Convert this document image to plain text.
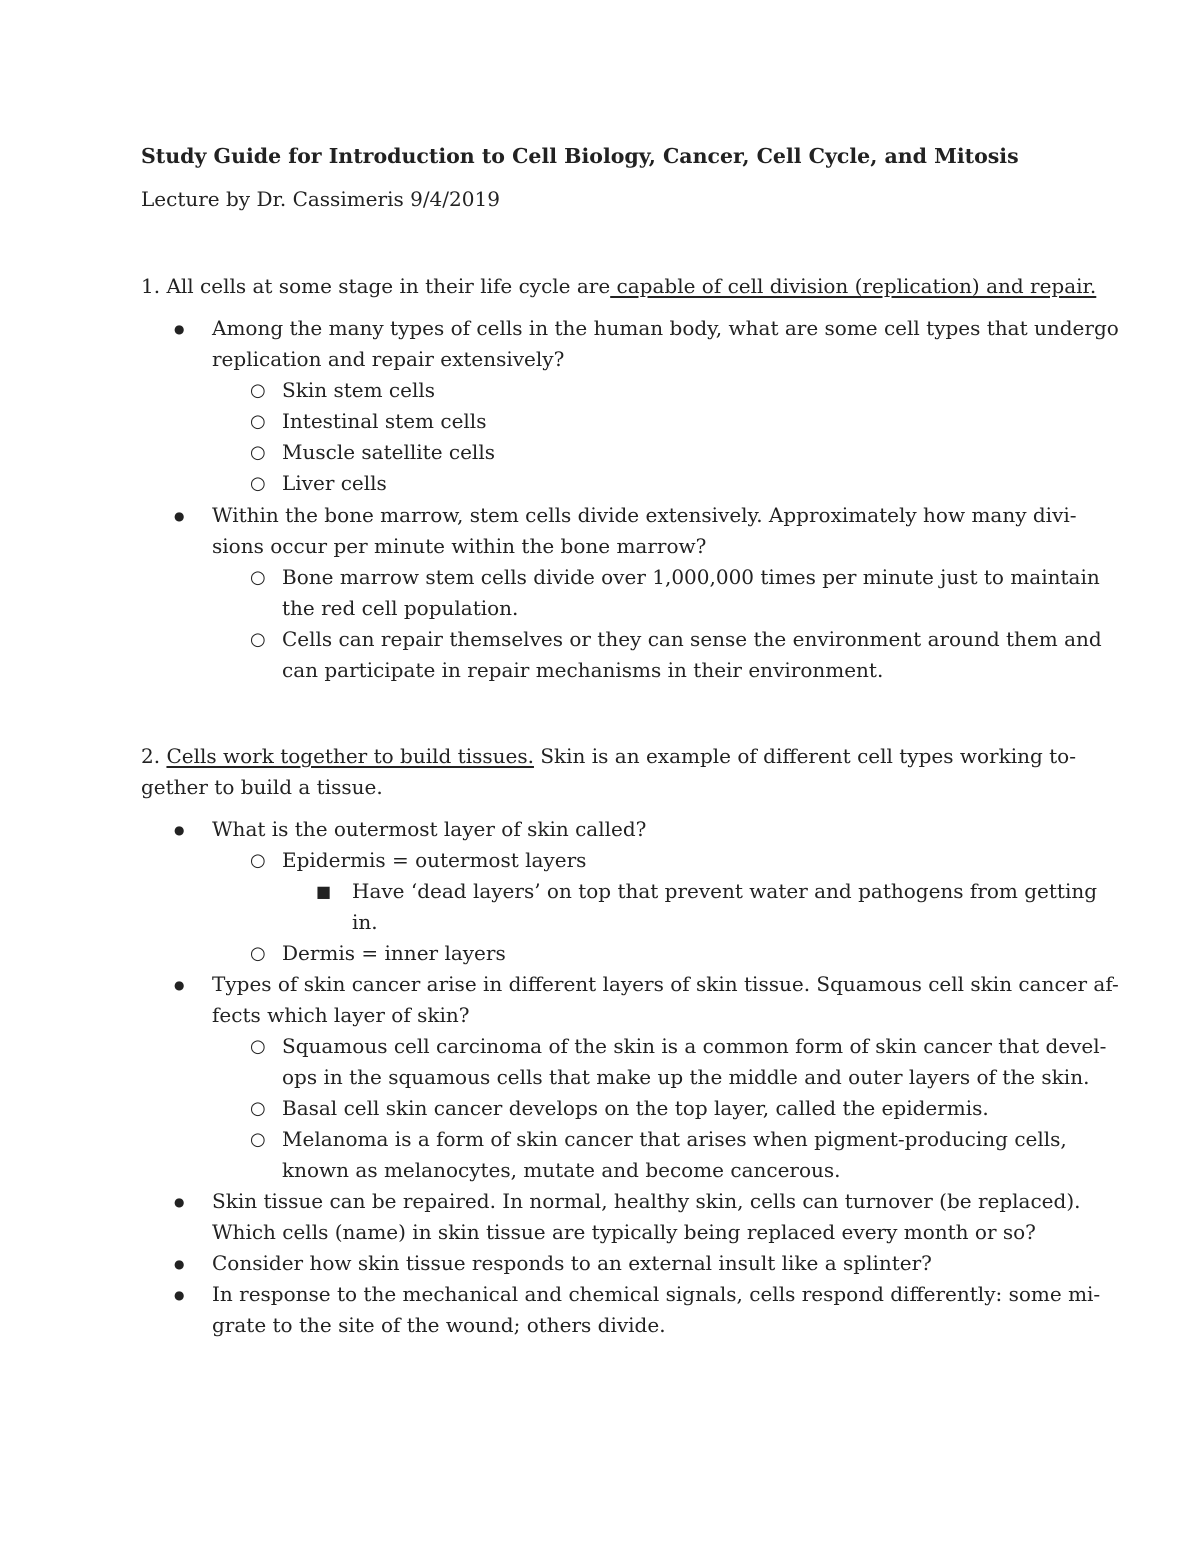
Study Guide for Introduction to Cell Biology, Cancer, Cell Cycle, and Mitosis
Lecture by Dr. Cassimeris 9/4/2019
1. All cells at some stage in their life cycle are capable of cell division (replication) and repair.
● Among the many types of cells in the human body, what are some cell types that undergo
replication and repair extensively?
○ Skin stem cells
○ Intestinal stem cells
○ Muscle satellite cells
○ Liver cells
● Within the bone marrow, stem cells divide extensively. Approximately how many divi-
sions occur per minute within the bone marrow?
○ Bone marrow stem cells divide over 1,000,000 times per minute just to maintain
the red cell population.
○ Cells can repair themselves or they can sense the environment around them and
can participate in repair mechanisms in their environment.
2. Cells work together to build tissues. Skin is an example of different cell types working to-
gether to build a tissue.
● What is the outermost layer of skin called?
○ Epidermis = outermost layers
■ Have ‘dead layers’ on top that prevent water and pathogens from getting
in.
○ Dermis = inner layers
● Types of skin cancer arise in different layers of skin tissue. Squamous cell skin cancer af-
fects which layer of skin?
○ Squamous cell carcinoma of the skin is a common form of skin cancer that devel-
ops in the squamous cells that make up the middle and outer layers of the skin.
○ Basal cell skin cancer develops on the top layer, called the epidermis.
○ Melanoma is a form of skin cancer that arises when pigment-producing cells,
known as melanocytes, mutate and become cancerous.
● Skin tissue can be repaired. In normal, healthy skin, cells can turnover (be replaced).
Which cells (name) in skin tissue are typically being replaced every month or so?
● Consider how skin tissue responds to an external insult like a splinter?
● In response to the mechanical and chemical signals, cells respond differently: some mi-
grate to the site of the wound; others divide.
